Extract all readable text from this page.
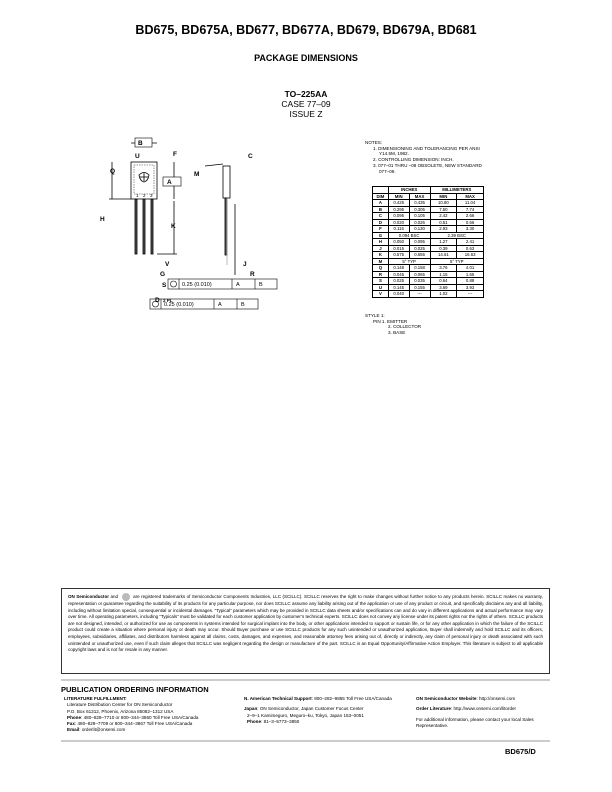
BD675, BD675A, BD677, BD677A, BD679, BD679A, BD681
PACKAGE DIMENSIONS
TO–225AA
CASE 77–09
ISSUE Z
B
U	F	C
Q	M
A
H
K
V	J
G	R
S
D 2 PL
1 2 3
0.25 (0.010)	A	B
0.25 (0.010)	A	B
NOTES:
1. DIMENSIONING AND TOLERANCING PER ANSI
Y14.5M, 1982.
2. CONTROLLING DIMENSION: INCH.
3. 077–01 THRU –08 OBSOLETE, NEW STANDARD
077–09.
	INCHES		MILLIMETERS	
DIM	MIN	MAX	MIN	MAX
A	0.425	0.435	10.80	11.04
B	0.295	0.305	7.50	7.74
C	0.095	0.105	2.42	2.66
D	0.020	0.026	0.51	0.66
F	0.115	0.130	2.93	3.30
G	0.094 BSC		2.39 BSC	
H	0.050	0.095	1.27	2.41
J	0.015	0.025	0.39	0.63
K	0.575	0.655	14.61	16.63
M	5° TYP		5° TYP	
Q	0.148	0.158	3.76	4.01
R	0.045	0.065	1.15	1.65
S	0.025	0.035	0.64	0.88
U	0.145	0.155	3.69	3.93
V	0.040	---	1.02	---
STYLE 1:
PIN 1. EMITTER
2. COLLECTOR
3. BASE
ON Semiconductor and	are registered trademarks of Semiconductor Components Industries, LLC (SCILLC). SCILLC reserves the right to make changes without further notice to any products herein. SCILLC makes no warranty, representation or guarantee regarding the suitability of its products for any particular purpose, nor does SCILLC assume any liability arising out of the application or use of any product or circuit, and specifically disclaims any and all liability, including without limitation special, consequential or incidental damages. “Typical” parameters which may be provided in SCILLC data sheets and/or specifications can and do vary in different applications and actual performance may vary over time. All operating parameters, including “Typicals” must be validated for each customer application by customer’s technical experts. SCILLC does not convey any license under its patent rights nor the rights of others. SCILLC products are not designed, intended, or authorized for use as components in systems intended for surgical implant into the body, or other applications intended to support or sustain life, or for any other application in which the failure of the SCILLC product could create a situation where personal injury or death may occur. Should Buyer purchase or use SCILLC products for any such unintended or unauthorized application, Buyer shall indemnify and hold SCILLC and its officers, employees, subsidiaries, affiliates, and distributors harmless against all claims, costs, damages, and expenses, and reasonable attorney fees arising out of, directly or indirectly, any claim of personal injury or death associated with such unintended or unauthorized use, even if such claim alleges that SCILLC was negligent regarding the design or manufacture of the part. SCILLC is an Equal Opportunity/Affirmative Action Employer. This literature is subject to all applicable copyright laws and is not for resale in any manner.
PUBLICATION ORDERING INFORMATION
LITERATURE FULFILLMENT:
Literature Distribution Center for ON Semiconductor
P.O. Box 61312, Phoenix, Arizona 85082–1312 USA
Phone: 480–829–7710 or 800–344–3860 Toll Free USA/Canada
Fax: 480–829–7709 or 800–344–3867 Toll Free USA/Canada
Email: orderlit@onsemi.com
N. American Technical Support: 800–282–9855 Toll Free USA/Canada
Japan: ON Semiconductor, Japan Customer Focus Center
2–9–1 Kamimeguro, Meguro–ku, Tokyo, Japan 153–0051
Phone: 81–3–5773–3850
ON Semiconductor Website: http://onsemi.com
Order Literature: http://www.onsemi.com/litorder
For additional information, please contact your local Sales Representative.
BD675/D
